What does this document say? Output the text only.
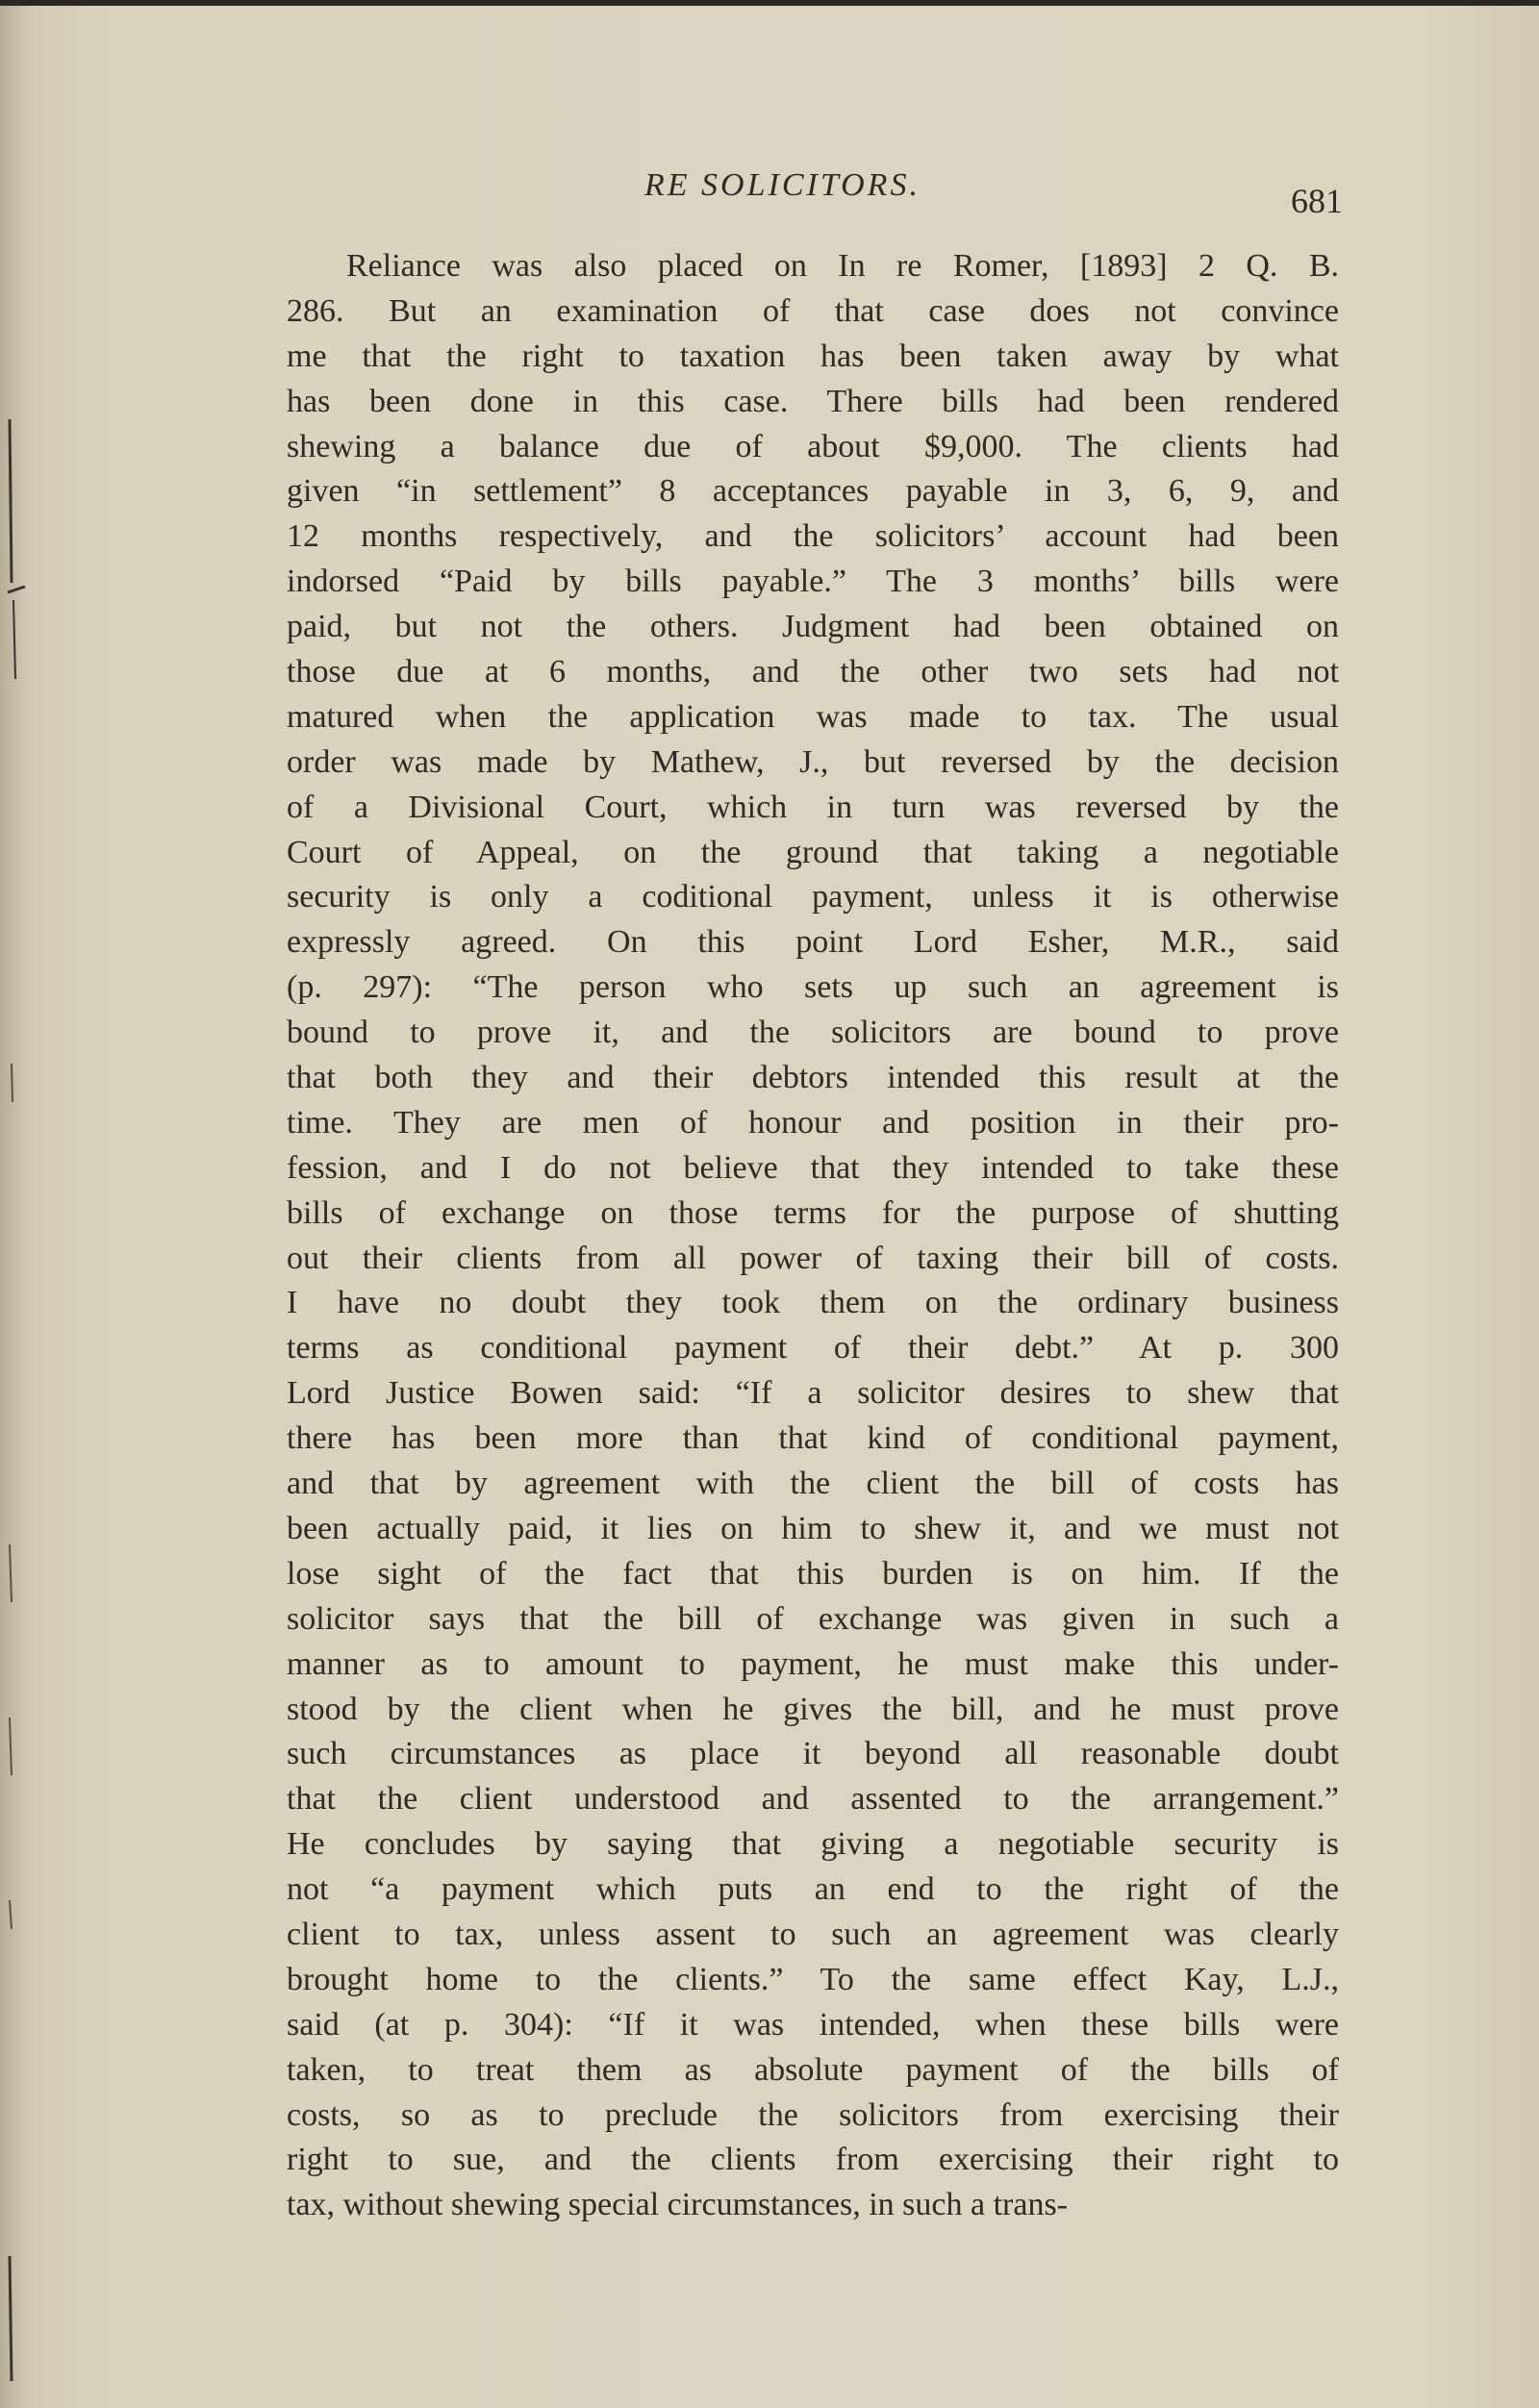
RE SOLICITORS.	681
Reliance was also placed on In re Romer, [1893] 2 Q. B.
286. But an examination of that case does not convince
me that the right to taxation has been taken away by what
has been done in this case. There bills had been rendered
shewing a balance due of about $9,000. The clients had
given “in settlement” 8 acceptances payable in 3, 6, 9, and
12 months respectively, and the solicitors’ account had been
indorsed “Paid by bills payable.” The 3 months’ bills were
paid, but not the others. Judgment had been obtained on
those due at 6 months, and the other two sets had not
matured when the application was made to tax. The usual
order was made by Mathew, J., but reversed by the decision
of a Divisional Court, which in turn was reversed by the
Court of Appeal, on the ground that taking a negotiable
security is only a coditional payment, unless it is otherwise
expressly agreed. On this point Lord Esher, M.R., said
(p. 297): “The person who sets up such an agreement is
bound to prove it, and the solicitors are bound to prove
that both they and their debtors intended this result at the
time. They are men of honour and position in their pro-
fession, and I do not believe that they intended to take these
bills of exchange on those terms for the purpose of shutting
out their clients from all power of taxing their bill of costs.
I have no doubt they took them on the ordinary business
terms as conditional payment of their debt.” At p. 300
Lord Justice Bowen said: “If a solicitor desires to shew that
there has been more than that kind of conditional payment,
and that by agreement with the client the bill of costs has
been actually paid, it lies on him to shew it, and we must not
lose sight of the fact that this burden is on him. If the
solicitor says that the bill of exchange was given in such a
manner as to amount to payment, he must make this under-
stood by the client when he gives the bill, and he must prove
such circumstances as place it beyond all reasonable doubt
that the client understood and assented to the arrangement.”
He concludes by saying that giving a negotiable security is
not “a payment which puts an end to the right of the
client to tax, unless assent to such an agreement was clearly
brought home to the clients.” To the same effect Kay, L.J.,
said (at p. 304): “If it was intended, when these bills were
taken, to treat them as absolute payment of the bills of
costs, so as to preclude the solicitors from exercising their
right to sue, and the clients from exercising their right to
tax, without shewing special circumstances, in such a trans-
